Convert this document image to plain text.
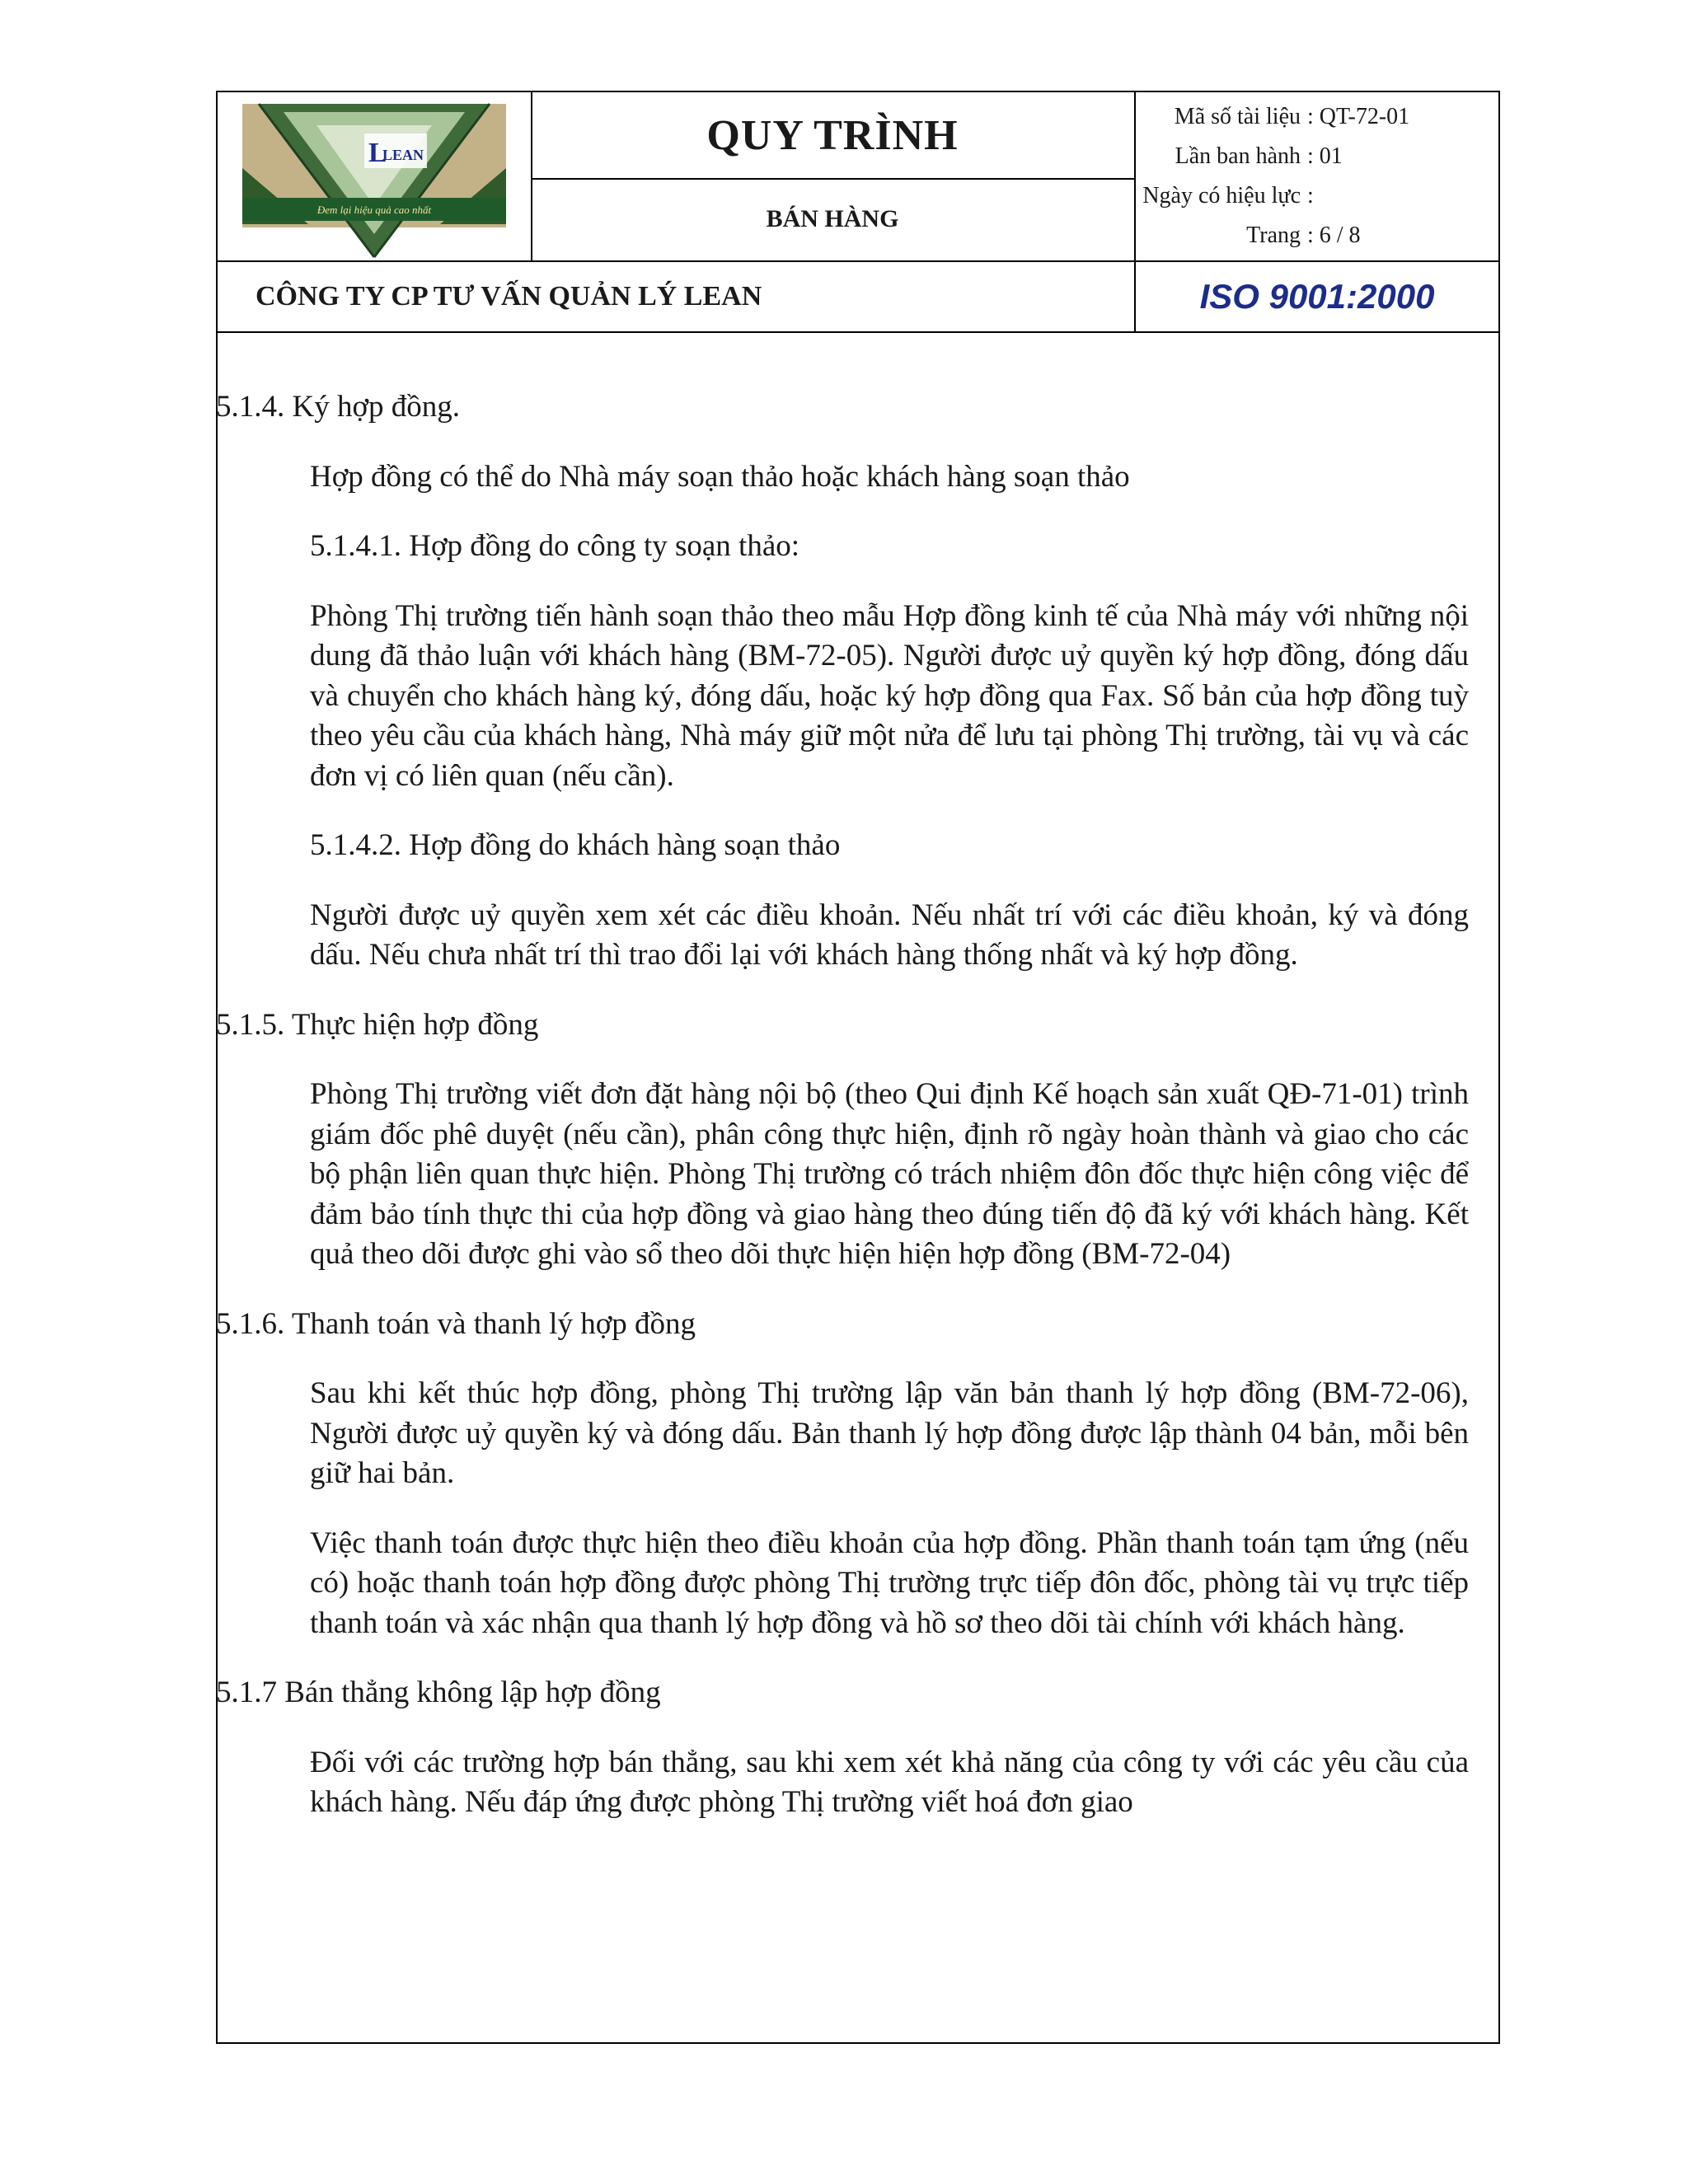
L
LEAN
Đem lại hiệu quả cao nhất
QUY TRÌNH
BÁN HÀNG
Mã số tài liệu : QT-72-01
Lần ban hành : 01
Ngày có hiệu lực :
Trang : 6 / 8
CÔNG TY CP TƯ VẤN QUẢN LÝ LEAN	ISO 9001:2000
5.1.4. Ký hợp đồng.

Hợp đồng có thể do Nhà máy soạn thảo hoặc khách hàng soạn thảo

5.1.4.1. Hợp đồng do công ty soạn thảo:

Phòng Thị trường tiến hành soạn thảo theo mẫu Hợp đồng kinh tế của Nhà máy với những nội dung đã thảo luận với khách hàng (BM-72-05). Người được uỷ quyền ký hợp đồng, đóng dấu và chuyển cho khách hàng ký, đóng dấu, hoặc ký hợp đồng qua Fax. Số bản của hợp đồng tuỳ theo yêu cầu của khách hàng, Nhà máy giữ một nửa để lưu tại phòng Thị trường, tài vụ và các đơn vị có liên quan (nếu cần).

5.1.4.2. Hợp đồng do khách hàng soạn thảo

Người được uỷ quyền xem xét các điều khoản. Nếu nhất trí với các điều khoản, ký và đóng dấu. Nếu chưa nhất trí thì trao đổi lại với khách hàng thống nhất và ký hợp đồng.

5.1.5. Thực hiện hợp đồng

Phòng Thị trường viết đơn đặt hàng nội bộ (theo Qui định Kế hoạch sản xuất QĐ-71-01) trình giám đốc phê duyệt (nếu cần), phân công thực hiện, định rõ ngày hoàn thành và giao cho các bộ phận liên quan thực hiện. Phòng Thị trường có trách nhiệm đôn đốc thực hiện công việc để đảm bảo tính thực thi của hợp đồng và giao hàng theo đúng tiến độ đã ký với khách hàng. Kết quả theo dõi được ghi vào sổ theo dõi thực hiện hiện hợp đồng (BM-72-04)

5.1.6. Thanh toán và thanh lý hợp đồng

Sau khi kết thúc hợp đồng, phòng Thị trường lập văn bản thanh lý hợp đồng (BM-72-06), Người được uỷ quyền ký và đóng dấu. Bản thanh lý hợp đồng được lập thành 04 bản, mỗi bên giữ hai bản.

Việc thanh toán được thực hiện theo điều khoản của hợp đồng. Phần thanh toán tạm ứng (nếu có) hoặc thanh toán hợp đồng được phòng Thị trường trực tiếp đôn đốc, phòng tài vụ trực tiếp thanh toán và xác nhận qua thanh lý hợp đồng và hồ sơ theo dõi tài chính với khách hàng.

5.1.7 Bán thẳng không lập hợp đồng

Đối với các trường hợp bán thẳng, sau khi xem xét khả năng của công ty với các yêu cầu của khách hàng. Nếu đáp ứng được phòng Thị trường viết hoá đơn giao
